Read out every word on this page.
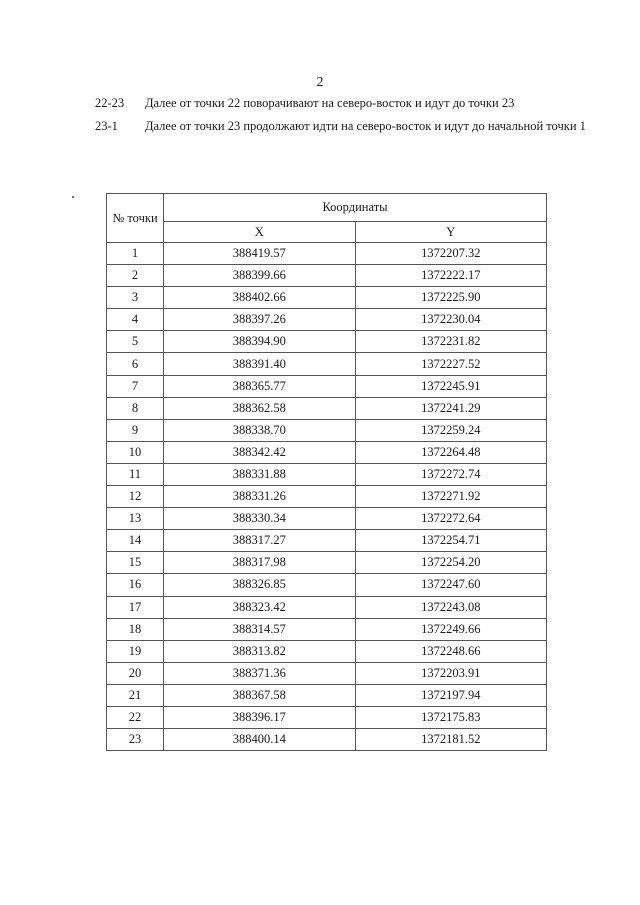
2
22-23	Далее от точки 22 поворачивают на северо-восток и идут до точки 23
23-1	Далее от точки 23 продолжают идти на северо-восток и идут до начальной точки 1
№ точки	Координаты	
	X	Y
1	388419.57	1372207.32
2	388399.66	1372222.17
3	388402.66	1372225.90
4	388397.26	1372230.04
5	388394.90	1372231.82
6	388391.40	1372227.52
7	388365.77	1372245.91
8	388362.58	1372241.29
9	388338.70	1372259.24
10	388342.42	1372264.48
11	388331.88	1372272.74
12	388331.26	1372271.92
13	388330.34	1372272.64
14	388317.27	1372254.71
15	388317.98	1372254.20
16	388326.85	1372247.60
17	388323.42	1372243.08
18	388314.57	1372249.66
19	388313.82	1372248.66
20	388371.36	1372203.91
21	388367.58	1372197.94
22	388396.17	1372175.83
23	388400.14	1372181.52
